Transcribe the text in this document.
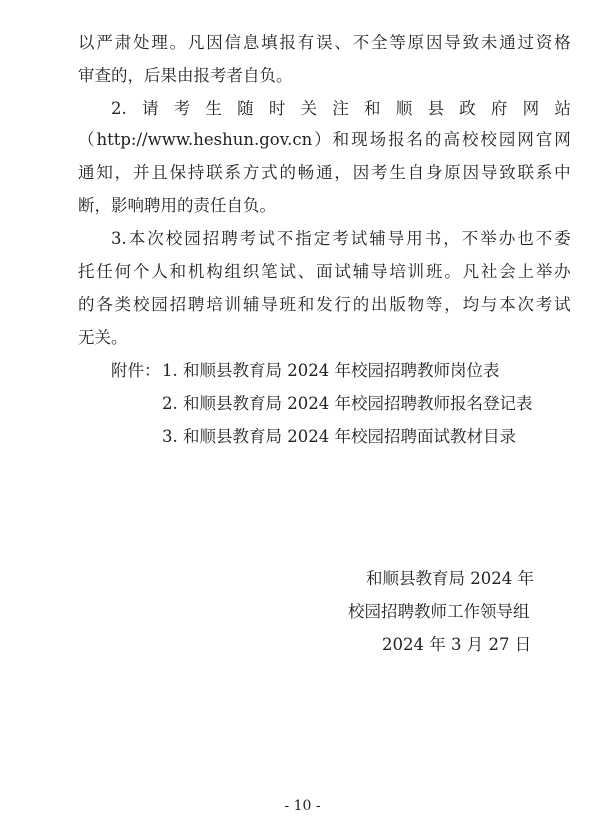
以 严 肃 处 理 。 凡 因 信 息 填 报 有 误 、 不 全 等 原 因 导 致 未 通 过 资 格
审查的，后果由报考者自负。
2. 请 考 生 随 时 关 注 和 顺 县 政 府 网 站
（ http://www.heshun.gov.cn ） 和 现 场 报 名 的 高 校 校 园 网 官 网
通 知 ， 并 且 保 持 联 系 方 式 的 畅 通 ， 因 考 生 自 身 原 因 导 致 联 系 中
断，影响聘用的责任自负。
3. 本 次 校 园 招 聘 考 试 不 指 定 考 试 辅 导 用 书 ， 不 举 办 也 不 委
托 任 何 个 人 和 机 构 组 织 笔 试 、 面 试 辅 导 培 训 班 。 凡 社 会 上 举 办
的 各 类 校 园 招 聘 培 训 辅 导 班 和 发 行 的 出 版 物 等 ， 均 与 本 次 考 试
无关。
附件： 1. 和顺县教育局 2024 年校园招聘教师岗位表
2. 和顺县教育局 2024 年校园招聘教师报名登记表
3. 和顺县教育局 2024 年校园招聘面试教材目录
和顺县教育局 2024 年
校园招聘教师工作领导组
2024 年 3 月 27 日
- 10 -
